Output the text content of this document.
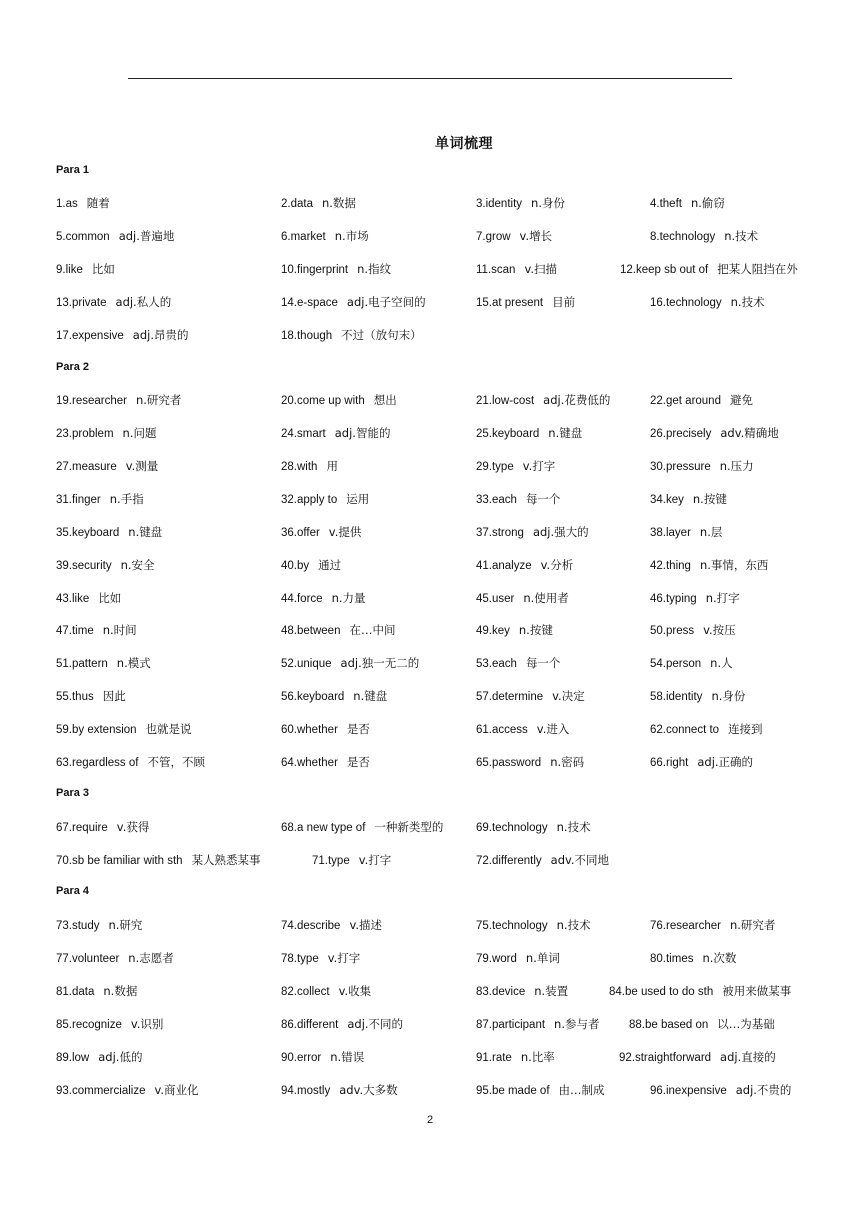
单词梳理
Para 1
1.as 随着	2.data n.数据	3.identity n.身份	4.theft n.偷窃
5.common adj.普遍地	6.market n.市场	7.grow v.增长	8.technology n.技术
9.like 比如	10.fingerprint n.指纹	11.scan v.扫描	12.keep sb out of 把某人阻挡在外
13.private adj.私人的	14.e-space adj.电子空间的	15.at present 目前	16.technology n.技术
17.expensive adj.昂贵的	18.though 不过（放句末）
Para 2
19.researcher n.研究者	20.come up with 想出	21.low-cost adj.花费低的	22.get around 避免
23.problem n.问题	24.smart adj.智能的	25.keyboard n.键盘	26.precisely adv.精确地
27.measure v.测量	28.with 用	29.type v.打字	30.pressure n.压力
31.finger n.手指	32.apply to 运用	33.each 每一个	34.key n.按键
35.keyboard n.键盘	36.offer v.提供	37.strong adj.强大的	38.layer n.层
39.security n.安全	40.by 通过	41.analyze v.分析	42.thing n.事情，东西
43.like 比如	44.force n.力量	45.user n.使用者	46.typing n.打字
47.time n.时间	48.between 在…中间	49.key n.按键	50.press v.按压
51.pattern n.模式	52.unique adj.独一无二的	53.each 每一个	54.person n.人
55.thus 因此	56.keyboard n.键盘	57.determine v.决定	58.identity n.身份
59.by extension 也就是说	60.whether 是否	61.access v.进入	62.connect to 连接到
63.regardless of 不管，不顾	64.whether 是否	65.password n.密码	66.right adj.正确的
Para 3
67.require v.获得	68.a new type of 一种新类型的	69.technology n.技术
70.sb be familiar with sth 某人熟悉某事	71.type v.打字	72.differently adv.不同地
Para 4
73.study n.研究	74.describe v.描述	75.technology n.技术	76.researcher n.研究者
77.volunteer n.志愿者	78.type v.打字	79.word n.单词	80.times n.次数
81.data n.数据	82.collect v.收集	83.device n.装置	84.be used to do sth 被用来做某事
85.recognize v.识别	86.different adj.不同的	87.participant n.参与者	88.be based on 以…为基础
89.low adj.低的	90.error n.错误	91.rate n.比率	92.straightforward adj.直接的
93.commercialize v.商业化	94.mostly adv.大多数	95.be made of 由…制成	96.inexpensive adj.不贵的
2
